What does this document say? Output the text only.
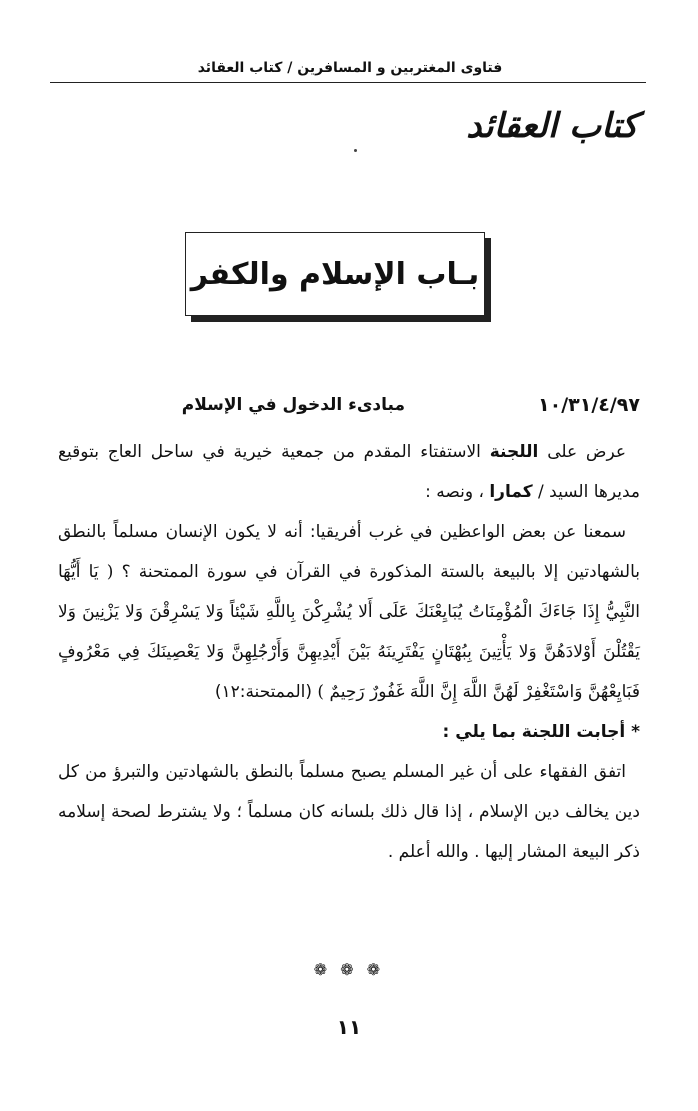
فتاوى المغتربين و المسافرين / كتاب العقائد
كتاب العقائد
بـاب الإسلام والكفر
١٠/٣١/٤/٩٧
مبادىء الدخول في الإسلام

عرض على اللجنة الاستفتاء المقدم من جمعية خيرية في ساحل العاج بتوقيع مديرها السيد / كمارا ، ونصه :

سمعنا عن بعض الواعظين في غرب أفريقيا: أنه لا يكون الإنسان مسلماً بالنطق بالشهادتين إلا بالبيعة بالستة المذكورة في القرآن في سورة الممتحنة ؟ ( يَا أَيُّهَا النَّبِيُّ إِذَا جَاءَكَ الْمُؤْمِنَاتُ يُبَايِعْنَكَ عَلَى أَلا يُشْرِكْنَ بِاللَّهِ شَيْئاً وَلا يَسْرِقْنَ وَلا يَزْنِينَ وَلا يَقْتُلْنَ أَوْلادَهُنَّ وَلا يَأْتِينَ بِبُهْتَانٍ يَفْتَرِينَهُ بَيْنَ أَيْدِيهِنَّ وَأَرْجُلِهِنَّ وَلا يَعْصِينَكَ فِي مَعْرُوفٍ فَبَايِعْهُنَّ وَاسْتَغْفِرْ لَهُنَّ اللَّهَ إِنَّ اللَّهَ غَفُورٌ رَحِيمٌ ) (الممتحنة:١٢)

* أجابت اللجنة بما يلي :

اتفق الفقهاء على أن غير المسلم يصبح مسلماً بالنطق بالشهادتين والتبرؤ من كل دين يخالف دين الإسلام ، إذا قال ذلك بلسانه كان مسلماً ؛ ولا يشترط لصحة إسلامه ذكر البيعة المشار إليها . والله أعلم .

❁ ❁ ❁
١١
